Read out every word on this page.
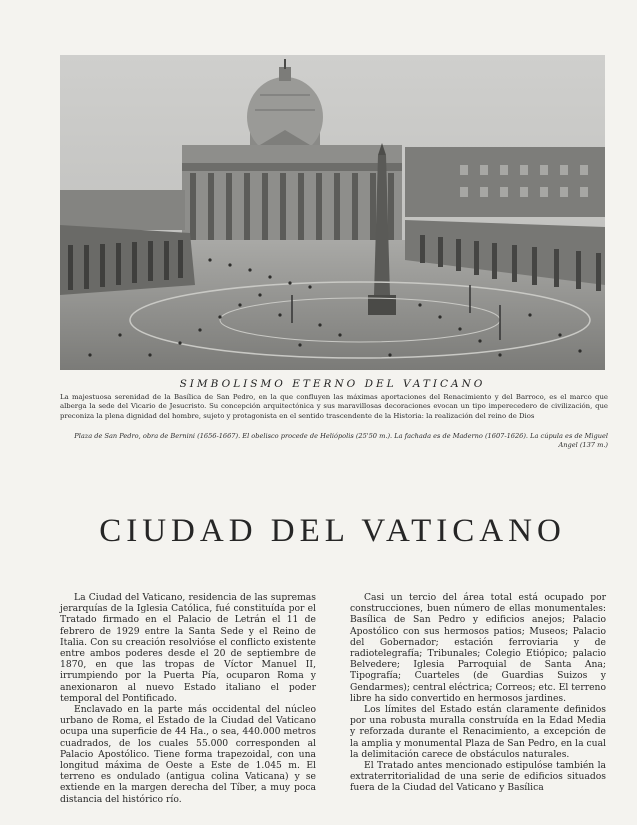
SIMBOLISMO ETERNO DEL VATICANO
La majestuosa serenidad de la Basílica de San Pedro, en la que confluyen las máximas aportaciones del Renacimiento y del Barroco, es el marco que alberga la sede del Vicario de Jesucristo. Su concepción arquitectónica y sus maravillosas decoraciones evocan un tipo imperecedero de civilización, que preconiza la plena dignidad del hombre, sujeto y protagonista en el sentido trascendente de la Historia: la realización del reino de Dios
Plaza de San Pedro, obra de Bernini (1656-1667). El obelisco procede de Heliópolis (25'50 m.). La fachada es de Maderno (1607-1626). La cúpula es de Miguel Angel (137 m.)
CIUDAD DEL VATICANO

La Ciudad del Vaticano, residencia de las supremas jerarquías de la Iglesia Católica, fué constituída por el Tratado firmado en el Palacio de Letrán el 11 de febrero de 1929 entre la Santa Sede y el Reino de Italia. Con su creación resolvióse el conflicto existente entre ambos poderes desde el 20 de septiembre de 1870, en que las tropas de Víctor Manuel II, irrumpiendo por la Puerta Pía, ocuparon Roma y anexionaron al nuevo Estado italiano el poder temporal del Pontificado.

Enclavado en la parte más occidental del núcleo urbano de Roma, el Estado de la Ciudad del Vaticano ocupa una superficie de 44 Ha., o sea, 440.000 metros cuadrados, de los cuales 55.000 corresponden al Palacio Apostólico. Tiene forma trapezoidal, con una longitud máxima de Oeste a Este de 1.045 m. El terreno es ondulado (antigua colina Vaticana) y se extiende en la margen derecha del Tíber, a muy poca distancia del histórico río.

Casi un tercio del área total está ocupado por construcciones, buen número de ellas monumentales: Basílica de San Pedro y edificios anejos; Palacio Apostólico con sus hermosos patios; Museos; Palacio del Gobernador; estación ferroviaria y de radiotelegrafía; Tribunales; Colegio Etiópico; palacio Belvedere; Iglesia Parroquial de Santa Ana; Tipografía; Cuarteles (de Guardias Suizos y Gendarmes); central eléctrica; Correos; etc. El terreno libre ha sido convertido en hermosos jardines.

Los límites del Estado están claramente definidos por una robusta muralla construída en la Edad Media y reforzada durante el Renacimiento, a excepción de la amplia y monumental Plaza de San Pedro, en la cual la delimitación carece de obstáculos naturales.

El Tratado antes mencionado estipulóse también la extraterritorialidad de una serie de edificios situados fuera de la Ciudad del Vaticano y Basílica
